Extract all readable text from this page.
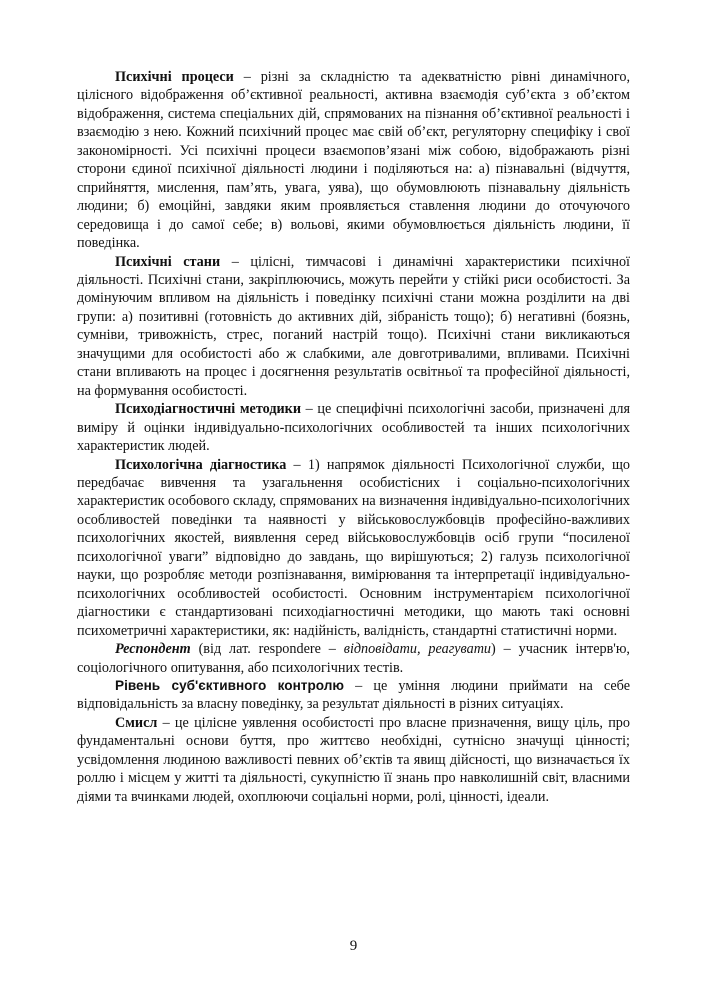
Психічні процеси – різні за складністю та адекватністю рівні динамічного, цілісного відображення об’єктивної реальності, активна взаємодія суб’єкта з об’єктом відображення, система спеціальних дій, спрямованих на пізнання об’єктивної реальності і взаємодію з нею. Кожний психічний процес має свій об’єкт, регуляторну специфіку і свої закономірності. Усі психічні процеси взаємопов’язані між собою, відображають різні сторони єдиної психічної діяльності людини і поділяються на: а) пізнавальні (відчуття, сприйняття, мислення, пам’ять, увага, уява), що обумовлюють пізнавальну діяльність людини; б) емоційні, завдяки яким проявляється ставлення людини до оточуючого середовища і до самої себе; в) вольові, якими обумовлюється діяльність людини, її поведінка.

Психічні стани – цілісні, тимчасові і динамічні характеристики психічної діяльності. Психічні стани, закріплюючись, можуть перейти у стійкі риси особистості. За домінуючим впливом на діяльність і поведінку психічні стани можна розділити на дві групи: а) позитивні (готовність до активних дій, зібраність тощо); б) негативні (боязнь, сумніви, тривожність, стрес, поганий настрій тощо). Психічні стани викликаються значущими для особистості або ж слабкими, але довготривалими, впливами. Психічні стани впливають на процес і досягнення результатів освітньої та професійної діяльності, на формування особистості.

Психодіагностичні методики – це специфічні психологічні засоби, призначені для виміру й оцінки індивідуально-психологічних особливостей та інших психологічних характеристик людей.

Психологічна діагностика – 1) напрямок діяльності Психологічної служби, що передбачає вивчення та узагальнення особистісних і соціально-психологічних характеристик особового складу, спрямованих на визначення індивідуально-психологічних особливостей поведінки та наявності у військовослужбовців професійно-важливих психологічних якостей, виявлення серед військовослужбовців осіб групи “посиленої психологічної уваги” відповідно до завдань, що вирішуються; 2) галузь психологічної науки, що розробляє методи розпізнавання, вимірювання та інтерпретації індивідуально-психологічних особливостей особистості. Основним інструментарієм психологічної діагностики є стандартизовані психодіагностичні методики, що мають такі основні психометричні характеристики, як: надійність, валідність, стандартні статистичні норми.

Респондент (від лат. respondere – відповідати, реагувати) – учасник інтерв'ю, соціологічного опитування, або психологічних тестів.

Рівень суб'єктивного контролю – це уміння людини приймати на себе відповідальність за власну поведінку, за результат діяльності в різних ситуаціях.

Смисл – це цілісне уявлення особистості про власне призначення, вищу ціль, про фундаментальні основи буття, про життєво необхідні, сутнісно значущі цінності; усвідомлення людиною важливості певних об’єктів та явищ дійсності, що визначається їх роллю і місцем у житті та діяльності, сукупністю її знань про навколишній світ, власними діями та вчинками людей, охоплюючи соціальні норми, ролі, цінності, ідеали.

9
